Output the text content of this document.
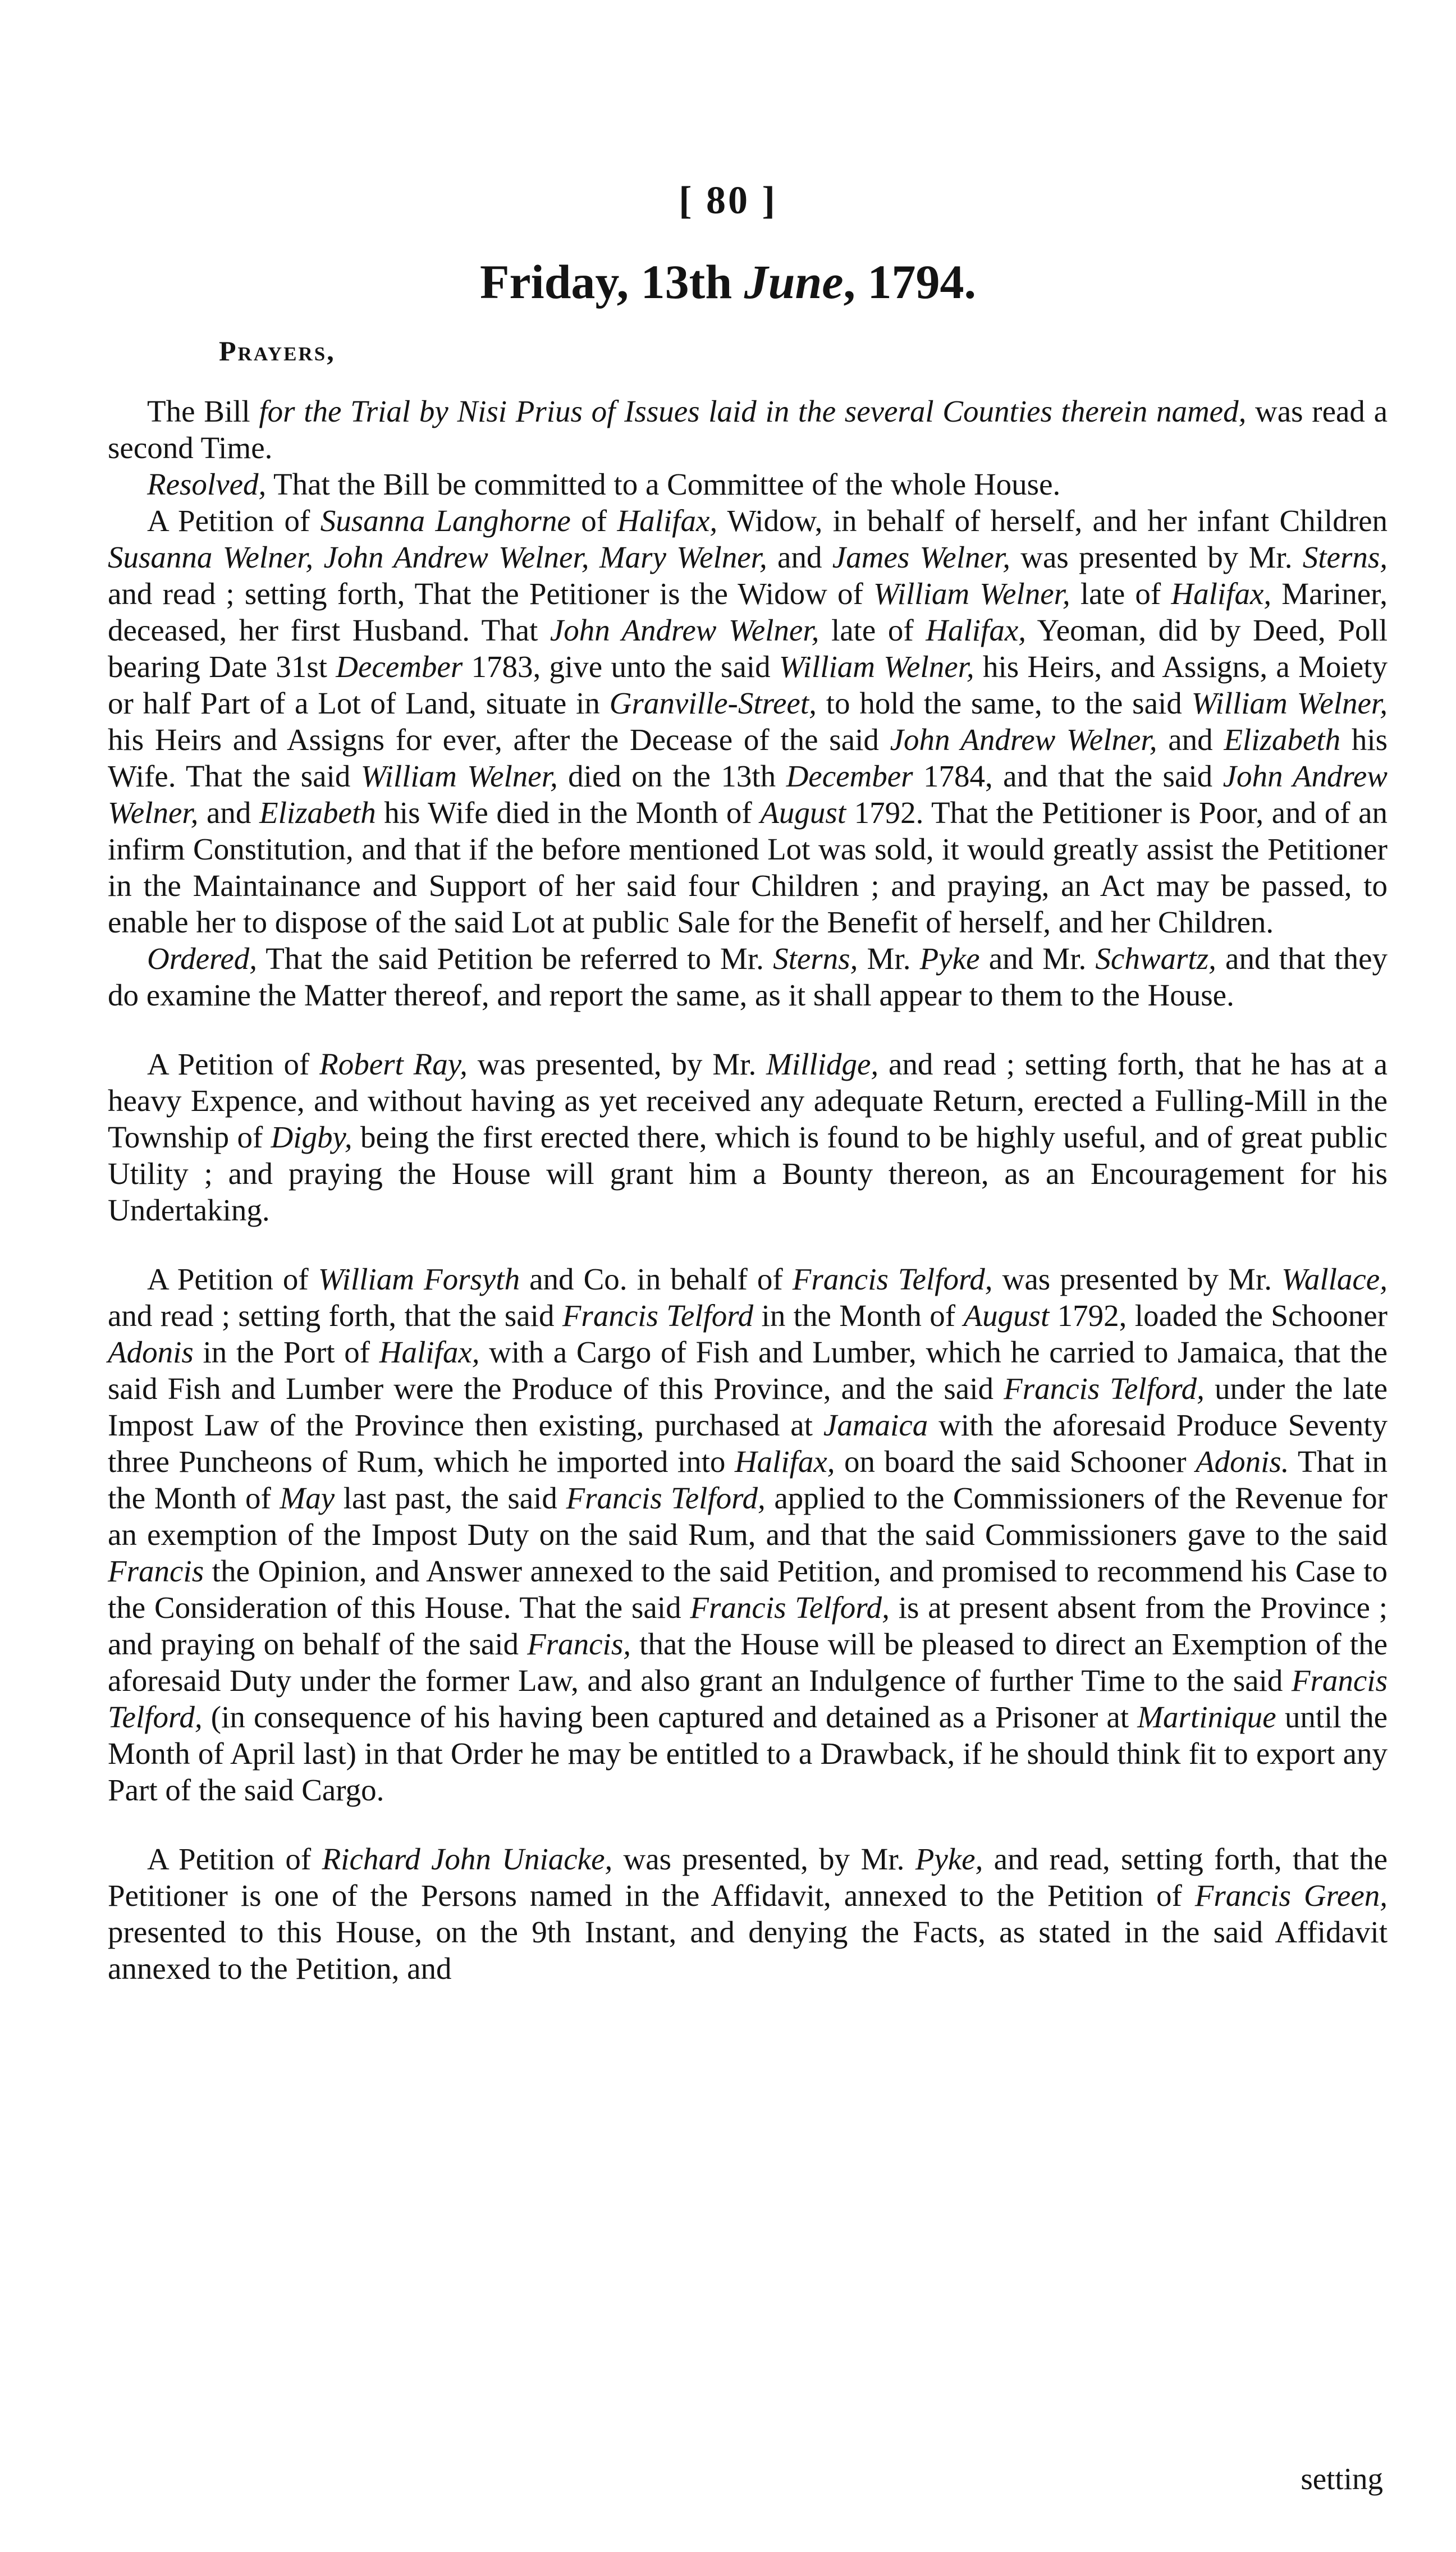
[ 80 ]
Friday, 13th June, 1794.
Prayers,

The Bill for the Trial by Nisi Prius of Issues laid in the several Counties therein named, was read a second Time.

Resolved, That the Bill be committed to a Committee of the whole House.

A Petition of Susanna Langhorne of Halifax, Widow, in behalf of herself, and her infant Children Susanna Welner, John Andrew Welner, Mary Welner, and James Welner, was presented by Mr. Sterns, and read ; setting forth, That the Petitioner is the Widow of William Welner, late of Halifax, Mariner, deceased, her first Husband. That John Andrew Welner, late of Halifax, Yeoman, did by Deed, Poll bearing Date 31st December 1783, give unto the said William Welner, his Heirs, and Assigns, a Moiety or half Part of a Lot of Land, situate in Granville-Street, to hold the same, to the said William Welner, his Heirs and Assigns for ever, after the Decease of the said John Andrew Welner, and Elizabeth his Wife. That the said William Welner, died on the 13th December 1784, and that the said John Andrew Welner, and Elizabeth his Wife died in the Month of August 1792. That the Petitioner is Poor, and of an infirm Constitution, and that if the before mentioned Lot was sold, it would greatly assist the Petitioner in the Maintainance and Support of her said four Children ; and praying, an Act may be passed, to enable her to dispose of the said Lot at public Sale for the Benefit of herself, and her Children.

Ordered, That the said Petition be referred to Mr. Sterns, Mr. Pyke and Mr. Schwartz, and that they do examine the Matter thereof, and report the same, as it shall appear to them to the House.

A Petition of Robert Ray, was presented, by Mr. Millidge, and read ; setting forth, that he has at a heavy Expence, and without having as yet received any adequate Return, erected a Fulling-Mill in the Township of Digby, being the first erected there, which is found to be highly useful, and of great public Utility ; and praying the House will grant him a Bounty thereon, as an Encouragement for his Undertaking.

A Petition of William Forsyth and Co. in behalf of Francis Telford, was presented by Mr. Wallace, and read ; setting forth, that the said Francis Telford in the Month of August 1792, loaded the Schooner Adonis in the Port of Halifax, with a Cargo of Fish and Lumber, which he carried to Jamaica, that the said Fish and Lumber were the Produce of this Province, and the said Francis Telford, under the late Impost Law of the Province then existing, purchased at Jamaica with the aforesaid Produce Seventy three Puncheons of Rum, which he imported into Halifax, on board the said Schooner Adonis. That in the Month of May last past, the said Francis Telford, applied to the Commissioners of the Revenue for an exemption of the Impost Duty on the said Rum, and that the said Commissioners gave to the said Francis the Opinion, and Answer annexed to the said Petition, and promised to recommend his Case to the Consideration of this House. That the said Francis Telford, is at present absent from the Province ; and praying on behalf of the said Francis, that the House will be pleased to direct an Exemption of the aforesaid Duty under the former Law, and also grant an Indulgence of further Time to the said Francis Telford, (in consequence of his having been captured and detained as a Prisoner at Martinique until the Month of April last) in that Order he may be entitled to a Drawback, if he should think fit to export any Part of the said Cargo.

A Petition of Richard John Uniacke, was presented, by Mr. Pyke, and read, setting forth, that the Petitioner is one of the Persons named in the Affidavit, annexed to the Petition of Francis Green, presented to this House, on the 9th Instant, and denying the Facts, as stated in the said Affidavit annexed to the Petition, and

setting
